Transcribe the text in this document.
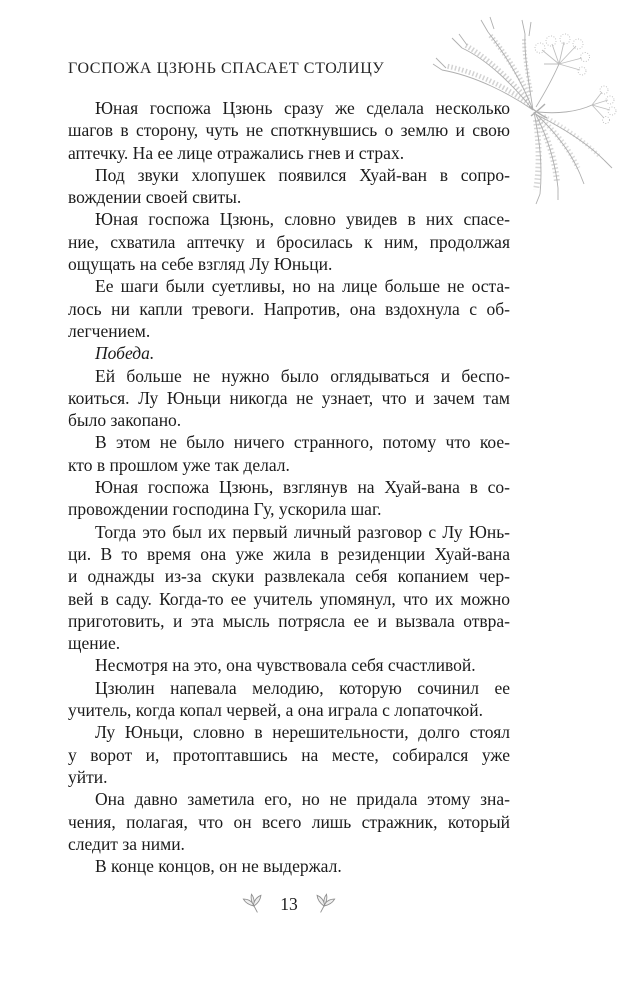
ГОСПОЖА ЦЗЮНЬ СПАСАЕТ СТОЛИЦУ
Юная госпожа Цзюнь сразу же сделала несколько
шагов в сторону, чуть не споткнувшись о землю и свою
аптечку. На ее лице отражались гнев и страх.
Под звуки хлопушек появился Хуай-ван в сопро-
вождении своей свиты.
Юная госпожа Цзюнь, словно увидев в них спасе-
ние, схватила аптечку и бросилась к ним, продолжая
ощущать на себе взгляд Лу Юньци.
Ее шаги были суетливы, но на лице больше не оста-
лось ни капли тревоги. Напротив, она вздохнула с об-
легчением.
Победа.
Ей больше не нужно было оглядываться и беспо-
коиться. Лу Юньци никогда не узнает, что и зачем там
было закопано.
В этом не было ничего странного, потому что кое-
кто в прошлом уже так делал.
Юная госпожа Цзюнь, взглянув на Хуай-вана в со-
провождении господина Гу, ускорила шаг.
Тогда это был их первый личный разговор с Лу Юнь-
ци. В то время она уже жила в резиденции Хуай-вана
и однажды из-за скуки развлекала себя копанием чер-
вей в саду. Когда-то ее учитель упомянул, что их можно
приготовить, и эта мысль потрясла ее и вызвала отвра-
щение.
Несмотря на это, она чувствовала себя счастливой.
Цзюлин напевала мелодию, которую сочинил ее
учитель, когда копал червей, а она играла с лопаточкой.
Лу Юньци, словно в нерешительности, долго стоял
у ворот и, протоптавшись на месте, собирался уже
уйти.
Она давно заметила его, но не придала этому зна-
чения, полагая, что он всего лишь стражник, который
следит за ними.
В конце концов, он не выдержал.
13
